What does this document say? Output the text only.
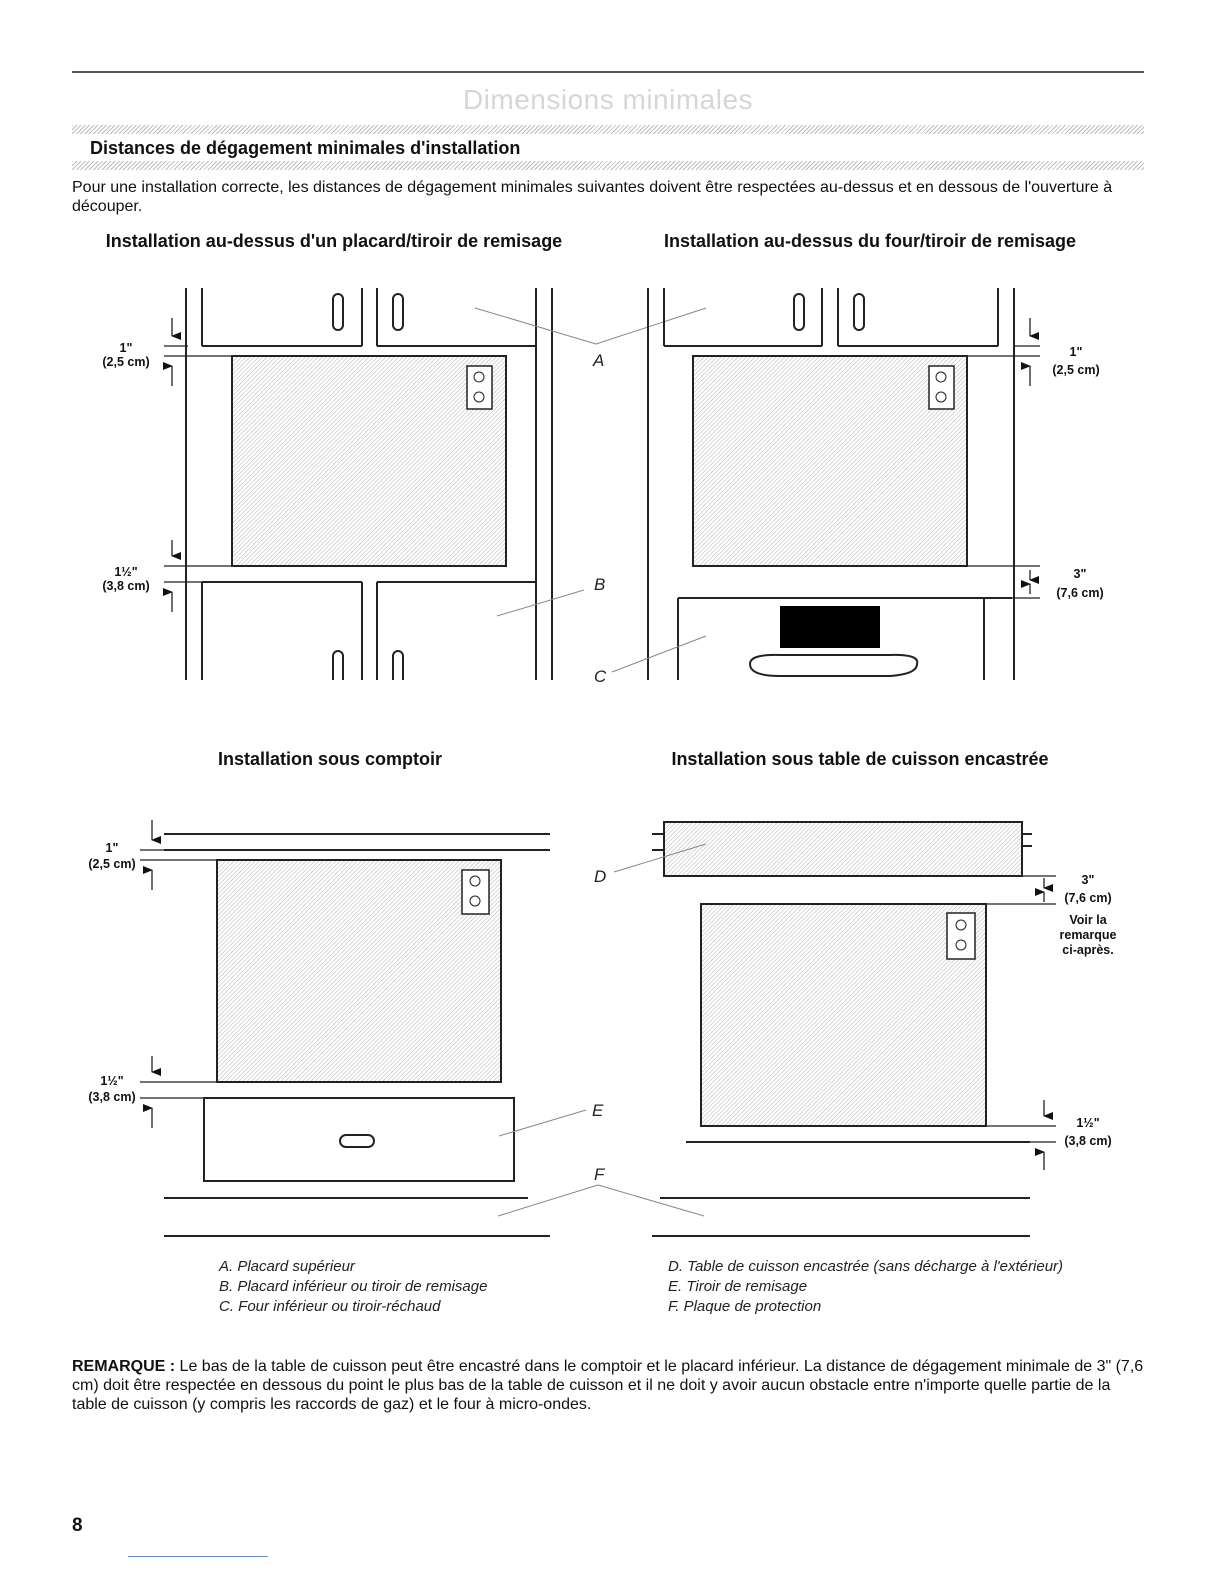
Dimensions minimales
Distances de dégagement minimales d'installation
Pour une installation correcte, les distances de dégagement minimales suivantes doivent être respectées au-dessus et en dessous de l'ouverture à découper.
Installation au-dessus d'un placard/tiroir de remisage	Installation au-dessus du four/tiroir de remisage
Installation sous comptoir	Installation sous table de cuisson encastrée
1"
(2,5 cm)
1½"
(3,8 cm)
A
B
C
1"
(2,5 cm)
3"
(7,6 cm)
1"
(2,5 cm)
1½"
(3,8 cm)
D
E
F
3"
(7,6 cm)
Voir la
remarque
ci-après.
1½"
(3,8 cm)
A. Placard supérieur
B. Placard inférieur ou tiroir de remisage
C. Four inférieur ou tiroir-réchaud
D. Table de cuisson encastrée (sans décharge à l'extérieur)
E. Tiroir de remisage
F. Plaque de protection
REMARQUE : Le bas de la table de cuisson peut être encastré dans le comptoir et le placard inférieur. La distance de dégagement minimale de 3" (7,6 cm) doit être respectée en dessous du point le plus bas de la table de cuisson et il ne doit y avoir aucun obstacle entre n'importe quelle partie de la table de cuisson (y compris les raccords de gaz) et le four à micro-ondes.
8
